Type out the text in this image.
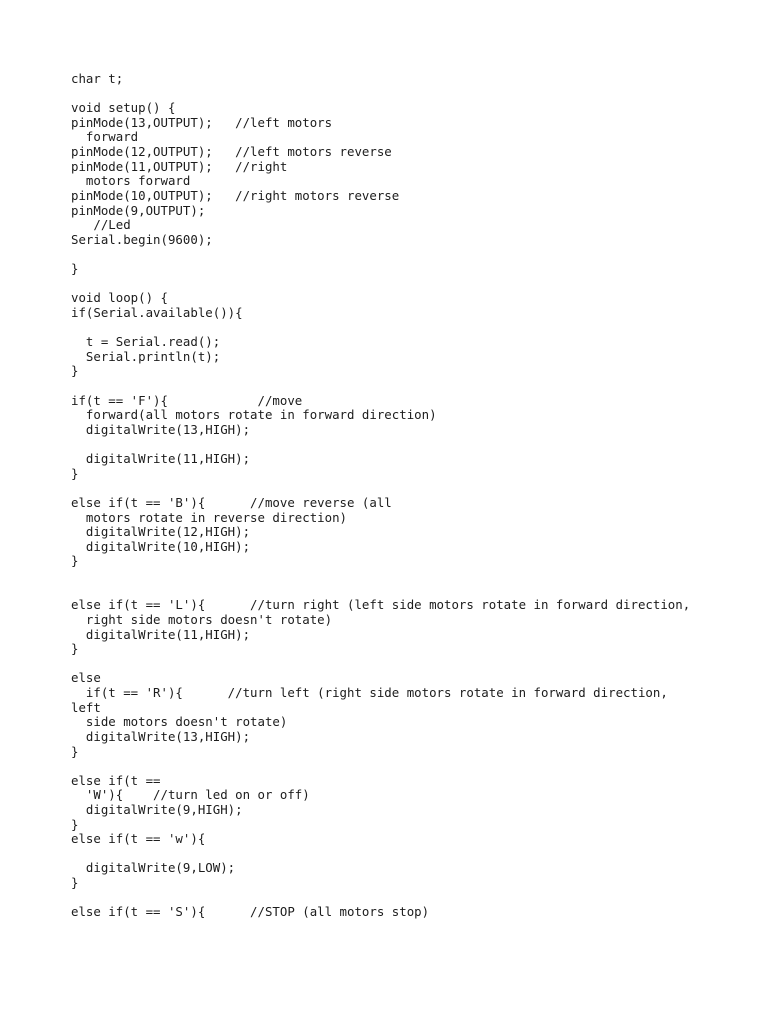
char t;
void setup() {
pinMode(13,OUTPUT);   //left motors
forward
pinMode(12,OUTPUT);   //left motors reverse
pinMode(11,OUTPUT);   //right
motors forward
pinMode(10,OUTPUT);   //right motors reverse
pinMode(9,OUTPUT);
//Led
Serial.begin(9600);
}
void loop() {
if(Serial.available()){
t = Serial.read();
Serial.println(t);
}
if(t == 'F'){            //move
forward(all motors rotate in forward direction)
digitalWrite(13,HIGH);
digitalWrite(11,HIGH);
}
else if(t == 'B'){      //move reverse (all
motors rotate in reverse direction)
digitalWrite(12,HIGH);
digitalWrite(10,HIGH);
}
else if(t == 'L'){      //turn right (left side motors rotate in forward direction,
right side motors doesn't rotate)
digitalWrite(11,HIGH);
}
else
if(t == 'R'){      //turn left (right side motors rotate in forward direction,
left
side motors doesn't rotate)
digitalWrite(13,HIGH);
}
else if(t ==
'W'){    //turn led on or off)
digitalWrite(9,HIGH);
}
else if(t == 'w'){
digitalWrite(9,LOW);
}
else if(t == 'S'){      //STOP (all motors stop)
